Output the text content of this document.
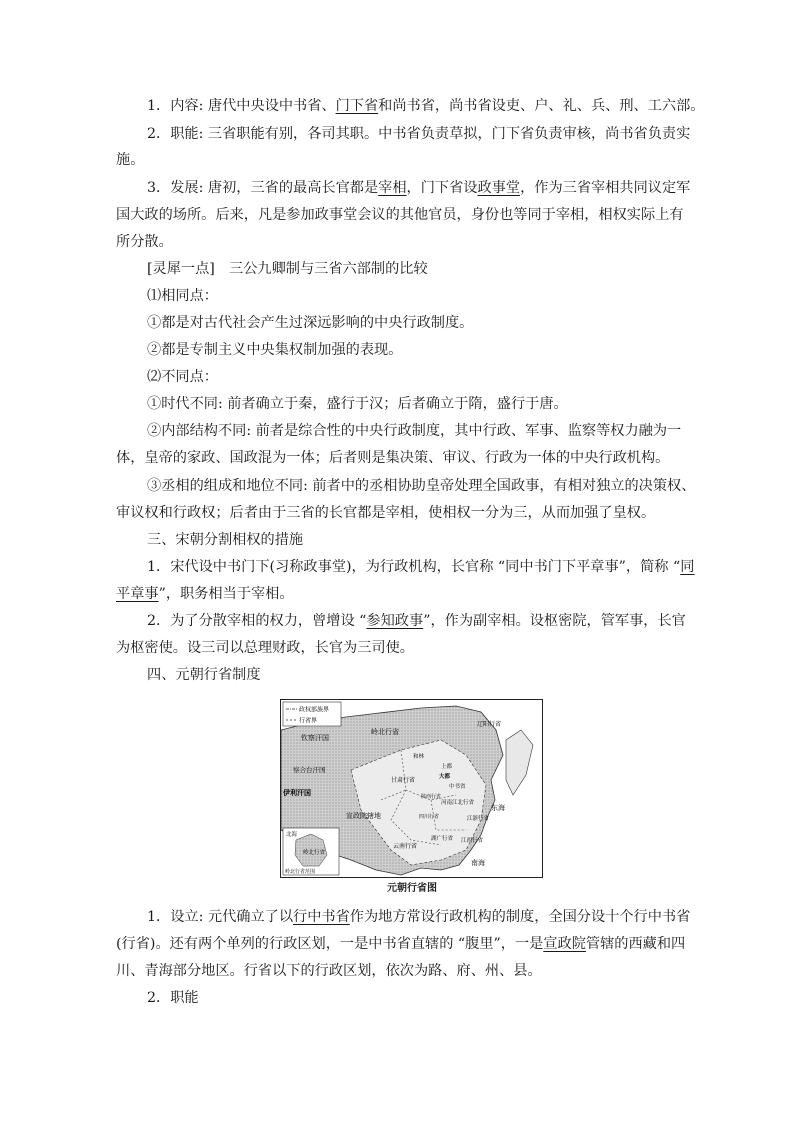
1．内容: 唐代中央设中书省、门下省和尚书省，尚书省设吏、户、礼、兵、刑、工六部。
2．职能: 三省职能有别，各司其职。中书省负责草拟，门下省负责审核，尚书省负责实
施。
3．发展: 唐初，三省的最高长官都是宰相，门下省设政事堂，作为三省宰相共同议定军
国大政的场所。后来，凡是参加政事堂会议的其他官员，身份也等同于宰相，相权实际上有
所分散。
[灵犀一点]　三公九卿制与三省六部制的比较
⑴相同点：
①都是对古代社会产生过深远影响的中央行政制度。
②都是专制主义中央集权制加强的表现。
⑵不同点：
①时代不同: 前者确立于秦，盛行于汉；后者确立于隋，盛行于唐。
②内部结构不同: 前者是综合性的中央行政制度，其中行政、军事、监察等权力融为一
体，皇帝的家政、国政混为一体；后者则是集决策、审议、行政为一体的中央行政机构。
③丞相的组成和地位不同: 前者中的丞相协助皇帝处理全国政事，有相对独立的决策权、
审议权和行政权；后者由于三省的长官都是宰相，使相权一分为三，从而加强了皇权。
三、宋朝分割相权的措施
1．宋代设中书门下(习称政事堂)，为行政机构，长官称 “同中书门下平章事”，简称 “同
平章事”，职务相当于宰相。
2．为了分散宰相的权力，曾增设 “参知政事”，作为副宰相。设枢密院，管军事，长官
为枢密使。设三司以总理财政，长官为三司使。
四、元朝行省制度
政权部族界
行省界
钦察汗国
岭北行省
辽阳行省
和林
上都
大都
中书省
察合台汗国
甘肃行省
伊利汗国
宣政院辖地
河南江北行省
陕西行省
四川行省	江浙行省
湖广行省
云南行省
江西行省
东海
南海
北海
岭北行省
岭北行省范围
元朝行省图
1．设立: 元代确立了以行中书省作为地方常设行政机构的制度，全国分设十个行中书省
(行省)。还有两个单列的行政区划，一是中书省直辖的 “腹里”，一是宣政院管辖的西藏和四
川、青海部分地区。行省以下的行政区划，依次为路、府、州、县。
2．职能
